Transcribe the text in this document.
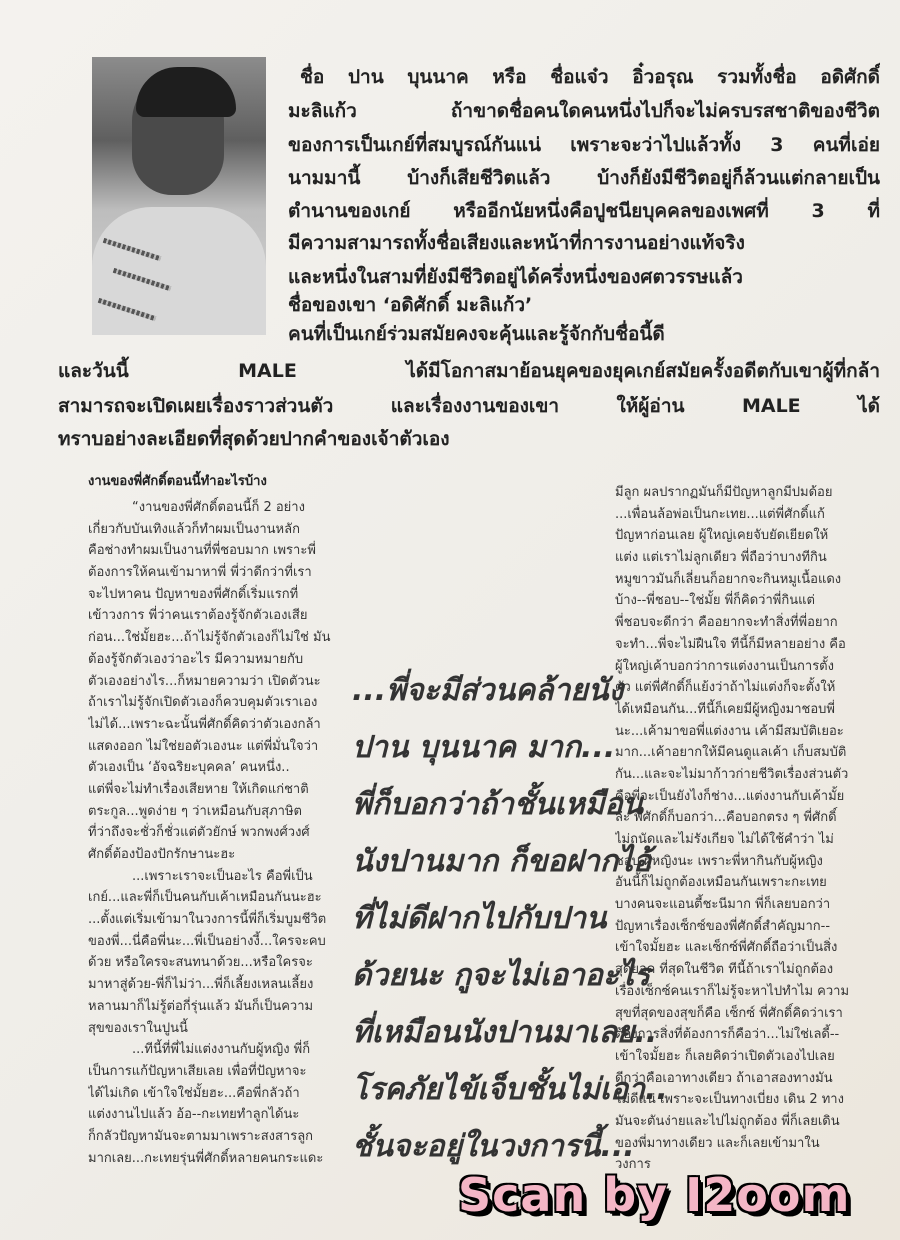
ชื่อ ปาน บุนนาค หรือ ชื่อแจ๋ว อิ๋วอรุณ รวมทั้งชื่อ อดิศักดิ์
มะลิแก้ว ถ้าขาดชื่อคนใดคนหนึ่งไปก็จะไม่ครบรสชาติของชีวิต
ของการเป็นเกย์ที่สมบูรณ์กันแน่ เพราะจะว่าไปแล้วทั้ง 3 คนที่เอ่ย
นามมานี้ บ้างก็เสียชีวิตแล้ว บ้างก็ยังมีชีวิตอยู่ก็ล้วนแต่กลายเป็น
ตำนานของเกย์ หรืออีกนัยหนึ่งคือปูชนียบุคคลของเพศที่ 3 ที่
มีความสามารถทั้งชื่อเสียงและหน้าที่การงานอย่างแท้จริง
และหนึ่งในสามที่ยังมีชีวิตอยู่ได้ครึ่งหนึ่งของศตวรรษแล้ว
ชื่อของเขา ‘อดิศักดิ์ มะลิแก้ว’
คนที่เป็นเกย์ร่วมสมัยคงจะคุ้นและรู้จักกับชื่อนี้ดี
และวันนี้ MALE ได้มีโอกาสมาย้อนยุคของยุคเกย์สมัยครั้งอดีตกับเขาผู้ที่กล้า
สามารถจะเปิดเผยเรื่องราวส่วนตัว และเรื่องงานของเขา ให้ผู้อ่าน MALE ได้
ทราบอย่างละเอียดที่สุดด้วยปากคำของเจ้าตัวเอง
งานของพี่ศักดิ์ตอนนี้ทำอะไรบ้าง
“งานของพี่ศักดิ์ตอนนี้ก็ 2 อย่าง
เกี่ยวกับบันเทิงแล้วก็ทำผมเป็นงานหลัก
คือช่างทำผมเป็นงานที่พี่ชอบมาก เพราะพี่
ต้องการให้คนเข้ามาหาพี่ พี่ว่าดีกว่าที่เรา
จะไปหาคน ปัญหาของพี่ศักดิ์เริ่มแรกที่
เข้าวงการ พี่ว่าคนเราต้องรู้จักตัวเองเสีย
ก่อน...ใช่มั้ยฮะ...ถ้าไม่รู้จักตัวเองก็ไม่ใช่ มัน
ต้องรู้จักตัวเองว่าอะไร มีความหมายกับ
ตัวเองอย่างไร...ก็หมายความว่า เปิดตัวนะ
ถ้าเราไม่รู้จักเปิดตัวเองก็ควบคุมตัวเราเอง
ไม่ได้...เพราะฉะนั้นพี่ศักดิ์คิดว่าตัวเองกล้า
แสดงออก ไม่ใช่ยอตัวเองนะ แต่พี่มั่นใจว่า
ตัวเองเป็น ‘อัจฉริยะบุคคล’ คนหนึ่ง..
แต่พี่จะไม่ทำเรื่องเสียหาย ให้เกิดแก่ชาติ
ตระกูล...พูดง่าย ๆ ว่าเหมือนกับสุภาษิต
ที่ว่าถึงจะชั่วก็ชั่วแต่ตัวยักษ์ พวกพงศ์วงศ์
ศักดิ์ต้องป้องปักรักษานะฮะ
...เพราะเราจะเป็นอะไร คือพี่เป็น
เกย์...และพี่ก็เป็นคนกับเค้าเหมือนกันนะฮะ
...ตั้งแต่เริ่มเข้ามาในวงการนี้พี่ก็เริ่มบูมชีวิต
ของพี่...นี่คือพี่นะ...พี่เป็นอย่างงี้...ใครจะคบ
ด้วย หรือใครจะสนทนาด้วย...หรือใครจะ
มาหาสู่ด้วย-พี่ก็ไม่ว่า...พี่ก็เลี้ยงเหลนเลี้ยง
หลานมาก็ไม่รู้ต่อกี่รุ่นแล้ว มันก็เป็นความ
สุขของเราในปูนนี้
...ทีนี้ที่พี่ไม่แต่งงานกับผู้หญิง พี่ก็
เป็นการแก้ปัญหาเสียเลย เพื่อที่ปัญหาจะ
ได้ไม่เกิด เข้าใจใช่มั้ยฮะ...คือพี่กลัวถ้า
แต่งงานไปแล้ว อ้อ--กะเทยทำลูกได้นะ
ก็กลัวปัญหามันจะตามมาเพราะสงสารลูก
มากเลย...กะเทยรุ่นพี่ศักดิ์หลายคนกระแดะ
...พี่จะมีส่วนคล้ายนัง
ปาน บุนนาค มาก...
พี่ก็บอกว่าถ้าชั้นเหมือน
นังปานมาก ก็ขอฝากไอ้
ที่ไม่ดีฝากไปกับปาน
ด้วยนะ กูจะไม่เอาอะไร
ที่เหมือนนังปานมาเลย..
โรคภัยไข้เจ็บชั้นไม่เอา..
ชั้นจะอยู่ในวงการนี้...
มีลูก ผลปรากฏมันก็มีปัญหาลูกมีปมด้อย
...เพื่อนล้อพ่อเป็นกะเทย...แต่พี่ศักดิ์แก้
ปัญหาก่อนเลย ผู้ใหญ่เคยจับยัดเยียดให้
แต่ง แต่เราไม่ลูกเดียว พี่ถือว่าบางทีกิน
หมูขาวมันก็เลี่ยนก็อยากจะกินหมูเนื้อแดง
บ้าง--พี่ชอบ--ใช่มั้ย พี่ก็คิดว่าพี่กินแต่
พี่ชอบจะดีกว่า คืออยากจะทำสิ่งที่พี่อยาก
จะทำ...พี่จะไม่ฝืนใจ ทีนี้ก็มีหลายอย่าง คือ
ผู้ใหญ่เค้าบอกว่าการแต่งงานเป็นการตั้ง
ตัว แต่พี่ศักดิ์ก็แย้งว่าถ้าไม่แต่งก็จะตั้งให้
ได้เหมือนกัน...ทีนี้ก็เคยมีผู้หญิงมาชอบพี่
นะ...เค้ามาขอพี่แต่งงาน เค้ามีสมบัติเยอะ
มาก...เค้าอยากให้มีคนดูแลเค้า เก็บสมบัติ
กัน...และจะไม่มาก้าวก่ายชีวิตเรื่องส่วนตัว
คือพี่จะเป็นยังไงก็ช่าง...แต่งงานกับเค้ามั้ย
ล่ะ พี่ศักดิ์ก็บอกว่า...คือบอกตรง ๆ พี่ศักดิ์
ไม่ถนัดและไม่รังเกียจ ไม่ได้ใช้คำว่า ไม่
ชอบ ผู้หญิงนะ เพราะพี่หากินกับผู้หญิง
อันนี้ก็ไม่ถูกต้องเหมือนกันเพราะกะเทย
บางคนจะแอนตี้ชะนีมาก พี่ก็เลยบอกว่า
ปัญหาเรื่องเซ็กซ์ของพี่ศักดิ์สำคัญมาก--
เข้าใจมั้ยฮะ และเซ็กซ์พี่ศักดิ์ถือว่าเป็นสิ่ง
สุดยอด ที่สุดในชีวิต ทีนี้ถ้าเราไม่ถูกต้อง
เรื่องเซ็กซ์คนเราก็ไม่รู้จะหาไปทำไม ความ
สุขที่สุดของสุขก็คือ เซ็กซ์ พี่ศักดิ์คิดว่าเรา
ต้องการสิ่งที่ต้องการก็คือว่า...ไม่ใช่เลดี้--
เข้าใจมั้ยฮะ ก็เลยคิดว่าเปิดตัวเองไปเลย
ดีกว่าคือเอาทางเดียว ถ้าเอาสองทางมัน
ไม่ดีแน่ เพราะจะเป็นทางเบี่ยง เดิน 2 ทาง
มันจะตันง่ายและไปไม่ถูกต้อง พี่ก็เลยเดิน
ของพี่มาทางเดียว และก็เลยเข้ามาใน
วงการ
Scan by I2oom
